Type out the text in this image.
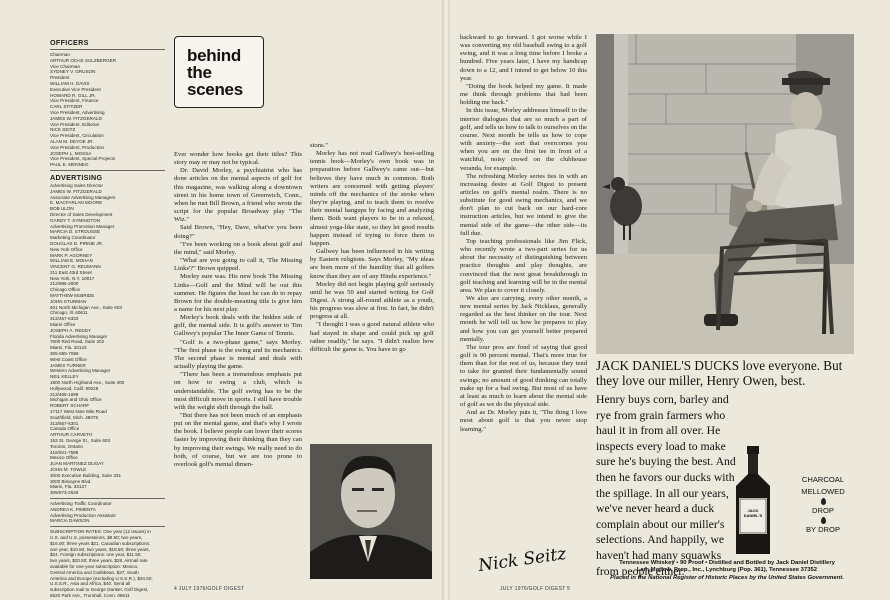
OFFICERS
Chairman
ARTHUR OCHS SULZBERGER
Vice Chairman
SYDNEY V. GRUSON
President
WILLIAM H. DAVIS
Executive Vice President
HOWARD R. GILL JR.
Vice President, Finance
CARL STITZER
Vice President, Advertising
JAMES W. FITZGERALD
Vice President, Editorial
NICK SEITZ
Vice President, Circulation
ALAN M. DEYOE JR.
Vice President, Production
JOSEPH L. MOSSA
Vice President, Special Projects
PAUL E. MENNEG
ADVERTISING
Advertising Sales Director
JAMES W. FITZGERALD
Associate Advertising Managers
E. MACFARLAN MOORE
BOB ULON
Director of Sales Development
GARDY T. SYMINGTON
Advertising Promotion Manager
MARCIA D. STROUSSE
Marketing Coordinator
DOUGLAS D. PIRNIE JR.
New York Office
MARK P. AGORNEY
WILLIAM E. MOHAN
VINCENT G. REUMANN
211 East 43rd Street
New York, N.Y. 10017
212/986-2600
Chicago Office
MATTHEW McBRIDE
JOHN STURMAN
401 North Michigan Ave., Suite 603
Chicago, Ill. 60611
312/467-6333
Miami Office
JOSEPH A. REDDY
Florida Advertising Manager
7600 Red Road, Suite 202
Miami, Fla. 33143
305-665-7696
West Coast Office
JAMES TURNER
Western Advertising Manager
NEIL KELLEY
1800 North Highland Ave., Suite 400
Hollywood, Calif. 90028
213/466-1699
Michigan and Ohio Office
ROBERT SCHARF
17117 West Nine Mile Road
Southfield, Mich. 48075
313/557-6301
Canada Office
ARTHUR CARVETH
153 St. George St., Suite 603
Toronto, Ontario
416/921-7588
Mexico Office
JUAN MARTINEZ DUGAY
JOHN M. TOWLE
3000 Executive Building, Suite 331
3000 Biscayne Blvd.
Miami, Fla. 33137
305/573-2626
Advertising Traffic Coordinator
ANDREA K. PIMENTA
Advertising Production Assistant
MARCIA DAWSON
SUBSCRIPTION RATES: One year (12 issues) in
U.S. and U.S. possessions, $9.50; two years,
$16.00; three years $21. Canadian subscriptions:
one year, $10.50; two years, $18.50; three years,
$24. Foreign subscriptions: one year, $11.50;
two years, $20.50; three years, $28. Airmail rate
available for one-year subscription: Mexico,
Central America and Caribbean, $27; South
America and Europe (excluding U.S.S.R.), $34.50;
U.S.S.R., Asia and Africa, $40. Send all
subscription mail to George Danker, Golf Digest,
5520 Park Ave., Trumbull, Conn. 06611
behind
the
scenes

Ever wonder how books get their titles? This story may or may not be typical.

Dr. David Morley, a psychiatrist who has done articles on the mental aspects of golf for this magazine, was walking along a downtown street in his home town of Greenwich, Conn., when he met Bill Brown, a friend who wrote the script for the popular Broadway play "The Wiz."

Said Brown, "Hey, Dave, what've you been doing?"

"I've been working on a book about golf and the mind," said Morley.

"What are you going to call it, 'The Missing Links'?" Brown quipped.

Morley sure was. His new book The Missing Links—Golf and the Mind will be out this summer. He figures the least he can do to repay Brown for the double-meaning title is give him a name for his next play.

Morley's book deals with the hidden side of golf, the mental side. It is golf's answer to Tim Gallwey's popular The Inner Game of Tennis.

"Golf is a two-phase game," says Morley. "The first phase is the swing and its mechanics. The second phase is mental and deals with actually playing the game.

"There has been a tremendous emphasis put on how to swing a club, which is understandable. The golf swing has to be the most difficult move in sports. I still have trouble with the weight shift through the ball.

"But there has not been much of an emphasis put on the mental game, and that's why I wrote the book. I believe people can lower their scores faster by improving their thinking than they can by improving their swings. We really need to do both, of course, but we are too prone to overlook golf's mental dimen-

sions."

Morley has not read Gallwey's best-selling tennis book—Morley's own book was in preparation before Gallwey's came out—but believes they have much in common. Both writers are concerned with getting players' minds off the mechanics of the stroke when they're playing, and to teach them to resolve their mental hangups by facing and analyzing them. Both want players to be in a relaxed, almost yoga-like state, so they let good results happen instead of trying to force them to happen.

Gallwey has been influenced in his writing by Eastern religions. Says Morley, "My ideas are born more of the humility that all golfers know than they are of any Hindu experience."

Morley did not begin playing golf seriously until he was 50 and started writing for Golf Digest. A strong all-round athlete as a youth, his progress was slow at first. In fact, he didn't progress at all.

"I thought I was a good natural athlete who had stayed in shape and could pick up golf rather readily," he says. "I didn't realize how difficult the game is. You have to go

4 JULY 1976/GOLF DIGEST

backward to go forward. I got worse while I was converting my old baseball swing to a golf swing, and it was a long time before I broke a hundred. Five years later, I have my handicap down to a 12, and I intend to get below 10 this year.

"Doing the book helped my game. It made me think through problems that had been holding me back."

In this issue, Morley addresses himself to the interior dialogues that are so much a part of golf, and tells us how to talk to ourselves on the course. Next month he tells us how to cope with anxiety—the sort that overcomes you when you are on the first tee in front of a watchful, noisy crowd on the clubhouse veranda, for example.

The refreshing Morley series ties in with an increasing desire at Golf Digest to present articles on golf's mental realm. There is no substitute for good swing mechanics, and we don't plan to cut back on our hard-core instruction articles, but we intend to give the mental side of the game—the other side—its full due.

Top teaching professionals like Jim Flick, who recently wrote a two-part series for us about the necessity of distinguishing between practice thoughts and play thoughts, are convinced that the next great breakthrough in golf teaching and learning will be in the mental area. We plan to cover it closely.

We also are carrying, every other month, a new mental series by Jack Nicklaus, generally regarded as the best thinker on the tour. Next month he will tell us how he prepares to play and how you can get yourself better prepared mentally.

The tour pros are fond of saying that good golf is 90 percent mental. That's more true for them than for the rest of us, because they tend to take for granted their fundamentally sound swings; no amount of good thinking can totally make up for a bad swing. But most of us have at least as much to learn about the mental side of golf as we do the physical side.

And as Dr. Morley puts it, "The thing I love most about golf is that you never stop learning."

Nick Seitz
JULY 1976/GOLF DIGEST 5
JACK DANIEL'S DUCKS love everyone. But they love our miller, Henry Owen, best.
Henry buys corn, barley and rye from grain farmers who haul it in from all over. He inspects every load to make sure he's buying the best. And then he favors our ducks with the spillage. In all our years, we've never heard a duck complain about our miller's selections. And happily, we haven't had many squawks from people either.
JACK DANIEL'S
CHARCOAL
MELLOWED
DROP
BY DROP
Tennessee Whiskey • 90 Proof • Distilled and Bottled by Jack Daniel Distillery
Lem Motlow, Prop., Inc., Lynchburg (Pop. 361), Tennessee 37352
Placed in the National Register of Historic Places by the United States Government.
